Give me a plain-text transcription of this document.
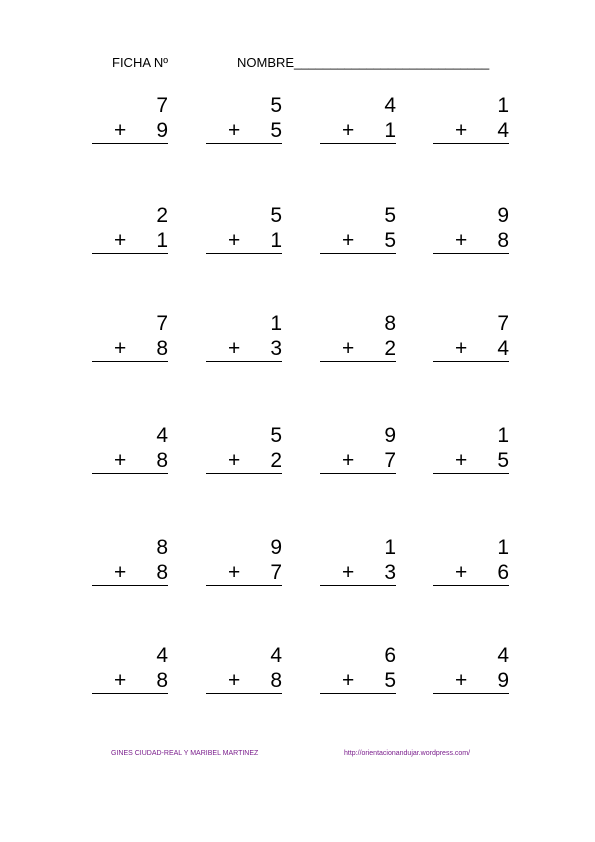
FICHA Nº	NOMBRE___________________________
7
+ 9
5
+ 5
4
+ 1
1
+ 4
2
+ 1
5
+ 1
5
+ 5
9
+ 8
7
+ 8
1
+ 3
8
+ 2
7
+ 4
4
+ 8
5
+ 2
9
+ 7
1
+ 5
8
+ 8
9
+ 7
1
+ 3
1
+ 6
4
+ 8
4
+ 8
6
+ 5
4
+ 9
GINES CIUDAD-REAL Y MARIBEL MARTINEZ	http://orientacionandujar.wordpress.com/
